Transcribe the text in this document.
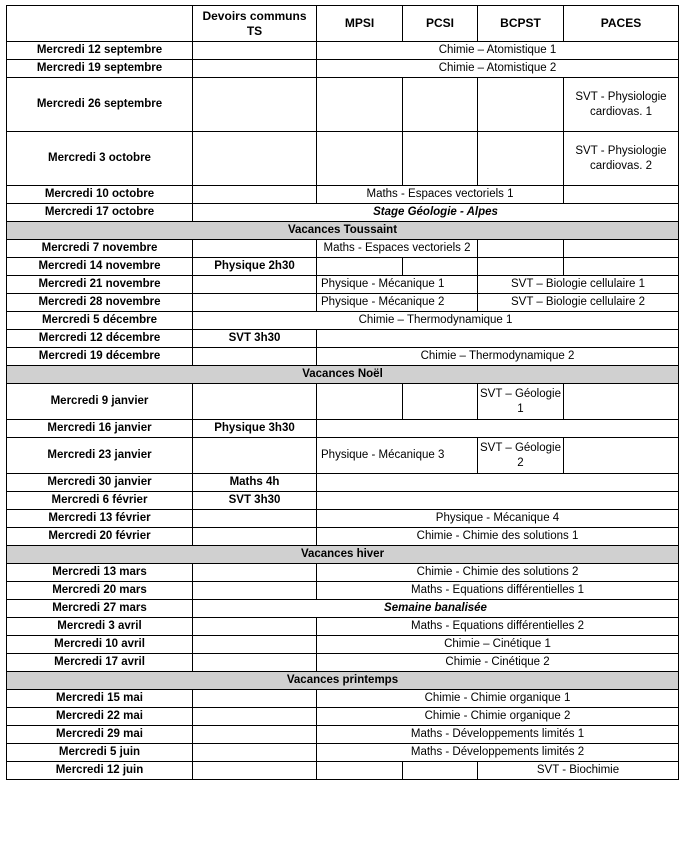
	Devoirs communs TS	MPSI	PCSI	BCPST	PACES
Mercredi 12 septembre		Chimie – Atomistique 1			
Mercredi 19 septembre		Chimie – Atomistique 2			
Mercredi 26 septembre					SVT - Physiologie cardiovas. 1
Mercredi 3 octobre					SVT - Physiologie cardiovas. 2
Mercredi 10 octobre		Maths - Espaces vectoriels 1			
Mercredi 17 octobre	Stage Géologie - Alpes				
Vacances Toussaint					
Mercredi 7 novembre		Maths - Espaces vectoriels 2			
Mercredi 14 novembre	Physique 2h30				
Mercredi 21 novembre		Physique - Mécanique 1		SVT – Biologie cellulaire 1	
Mercredi 28 novembre		Physique - Mécanique 2		SVT – Biologie cellulaire 2	
Mercredi 5 décembre	Chimie – Thermodynamique 1				
Mercredi 12 décembre	SVT 3h30				
Mercredi 19 décembre		Chimie – Thermodynamique 2			
Vacances Noël					
Mercredi 9 janvier				SVT – Géologie 1	
Mercredi 16 janvier	Physique 3h30				
Mercredi 23 janvier		Physique - Mécanique 3		SVT – Géologie 2	
Mercredi 30 janvier	Maths 4h				
Mercredi 6 février	SVT 3h30				
Mercredi 13 février		Physique - Mécanique 4			
Mercredi 20 février		Chimie - Chimie des solutions 1			
Vacances hiver					
Mercredi 13 mars		Chimie - Chimie des solutions 2			
Mercredi 20 mars		Maths - Equations différentielles 1			
Mercredi 27 mars	Semaine banalisée				
Mercredi 3 avril		Maths - Equations différentielles 2			
Mercredi 10 avril		Chimie – Cinétique 1			
Mercredi 17 avril		Chimie - Cinétique 2			
Vacances printemps					
Mercredi 15 mai		Chimie - Chimie organique 1			
Mercredi 22 mai		Chimie - Chimie organique 2			
Mercredi 29 mai		Maths - Développements limités 1			
Mercredi 5 juin		Maths - Développements limités 2			
Mercredi 12 juin				SVT - Biochimie	
